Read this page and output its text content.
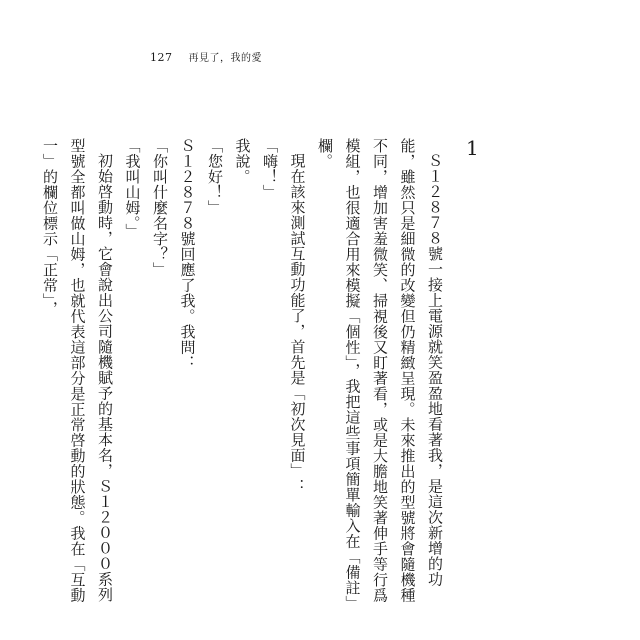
127 再見了，我的愛
1

Ｓ１２８７８號一接上電源就笑盈盈地看著我，是這次新增的功能，雖然只是細微的改變但仍精緻呈現。未來推出的型號將會隨機種不同，增加害羞微笑、掃視後又盯著看，或是大膽地笑著伸手等行爲模組，也很適合用來模擬「個性」，我把這些事項簡單輸入在「備註」欄。

現在該來測試互動功能了，首先是「初次見面」：

「嗨！」

我說。

「您好！」

Ｓ１２８７８號回應了我。我問：

「你叫什麼名字？」

「我叫山姆。」

初始啓動時，它會說出公司隨機賦予的基本名，Ｓ１２０００系列型號全都叫做山姆，也就代表這部分是正常啓動的狀態。我在「互動一」的欄位標示「正常」，
